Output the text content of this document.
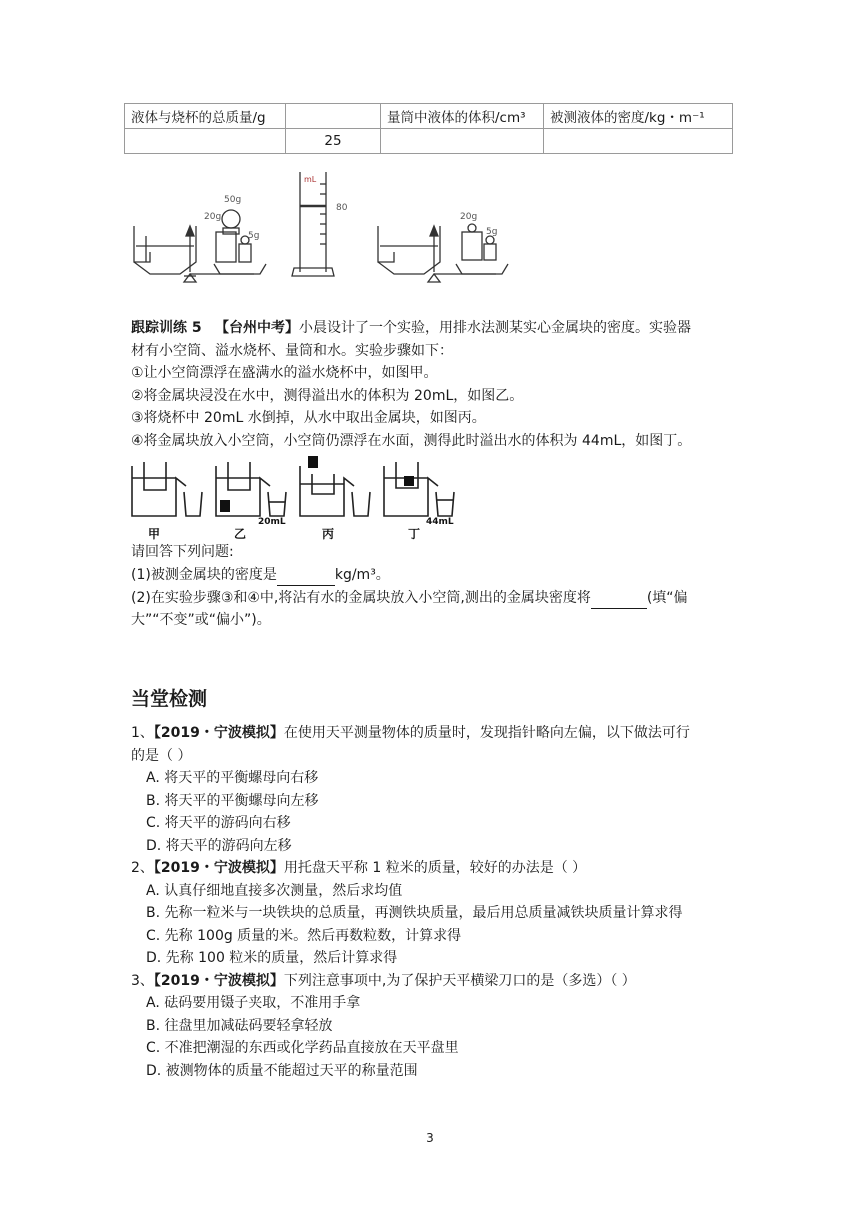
液体与烧杯的总质量/g		量筒中液体的体积/cm³	被测液体的密度/kg・m⁻¹
	25		
50g
20g
5g
mL
80
20g
5g
跟踪训练 5 【台州中考】小晨设计了一个实验，用排水法测某实心金属块的密度。实验器
材有小空筒、溢水烧杯、量筒和水。实验步骤如下：
①让小空筒漂浮在盛满水的溢水烧杯中，如图甲。
②将金属块浸没在水中，测得溢出水的体积为 20mL，如图乙。
③将烧杯中 20mL 水倒掉，从水中取出金属块，如图丙。
④将金属块放入小空筒，小空筒仍漂浮在水面，测得此时溢出水的体积为 44mL，如图丁。
20mL	44mL
甲	乙	丙	丁
请回答下列问题:
(1)被测金属块的密度是	kg/m³。
(2)在实验步骤③和④中,将沾有水的金属块放入小空筒,测出的金属块密度将	(填“偏
大”“不变”或“偏小”)。
当堂检测
1、【2019・宁波模拟】在使用天平测量物体的质量时，发现指针略向左偏，以下做法可行
的是（ ）
A. 将天平的平衡螺母向右移
B. 将天平的平衡螺母向左移
C. 将天平的游码向右移
D. 将天平的游码向左移
2、【2019・宁波模拟】用托盘天平称 1 粒米的质量，较好的办法是（ ）
A. 认真仔细地直接多次测量，然后求均值
B. 先称一粒米与一块铁块的总质量，再测铁块质量，最后用总质量减铁块质量计算求得
C. 先称 100g 质量的米。然后再数粒数，计算求得
D. 先称 100 粒米的质量，然后计算求得
3、【2019・宁波模拟】下列注意事项中,为了保护天平横梁刀口的是（多选）（ ）
A. 砝码要用镊子夹取，不准用手拿
B. 往盘里加减砝码要轻拿轻放
C. 不准把潮湿的东西或化学药品直接放在天平盘里
D. 被测物体的质量不能超过天平的称量范围
3
